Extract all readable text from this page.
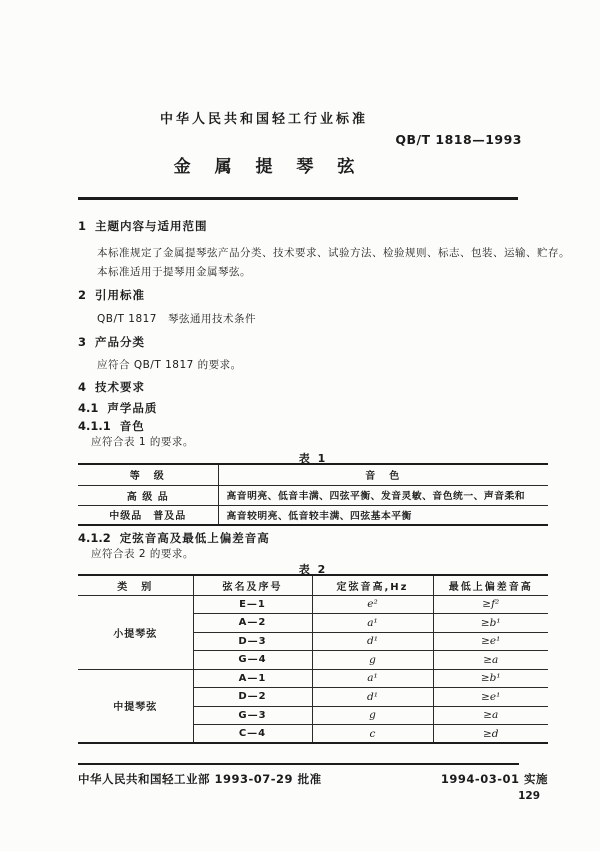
中华人民共和国轻工行业标准
QB/T 1818—1993
金 属 提 琴 弦
1 主题内容与适用范围
本标准规定了金属提琴弦产品分类、技术要求、试验方法、检验规则、标志、包装、运输、贮存。
本标准适用于提琴用金属琴弦。
2 引用标准
QB/T 1817　琴弦通用技术条件
3 产品分类
应符合 QB/T 1817 的要求。
4 技术要求
4.1 声学品质
4.1.1 音色
应符合表 1 的要求。
表 1
等　级	音　色
高 级 品	高音明亮、低音丰满、四弦平衡、发音灵敏、音色统一、声音柔和
中级品　普及品	高音较明亮、低音较丰满、四弦基本平衡
4.1.2 定弦音高及最低上偏差音高
应符合表 2 的要求。
表 2
类　别	弦名及序号	定弦音高,Hz	最低上偏差音高
小提琴弦	E—1	e²	≥f²
	A—2	a¹	≥b¹
	D—3	d¹	≥e¹
	G—4	g	≥a
中提琴弦	A—1	a¹	≥b¹
	D—2	d¹	≥e¹
	G—3	g	≥a
	C—4	c	≥d
中华人民共和国轻工业部 1993-07-29 批准	1994-03-01 实施
129
